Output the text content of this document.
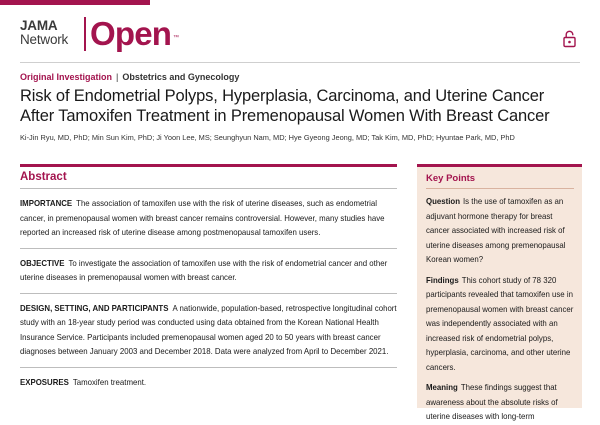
JAMA
Network Open ™
Original Investigation | Obstetrics and Gynecology
Risk of Endometrial Polyps, Hyperplasia, Carcinoma, and Uterine Cancer After Tamoxifen Treatment in Premenopausal Women With Breast Cancer
Ki-Jin Ryu, MD, PhD; Min Sun Kim, PhD; Ji Yoon Lee, MS; Seunghyun Nam, MD; Hye Gyeong Jeong, MD; Tak Kim, MD, PhD; Hyuntae Park, MD, PhD
Abstract
IMPORTANCE The association of tamoxifen use with the risk of uterine diseases, such as endometrial cancer, in premenopausal women with breast cancer remains controversial. However, many studies have reported an increased risk of uterine disease among postmenopausal tamoxifen users.
OBJECTIVE To investigate the association of tamoxifen use with the risk of endometrial cancer and other uterine diseases in premenopausal women with breast cancer.
DESIGN, SETTING, AND PARTICIPANTS A nationwide, population-based, retrospective longitudinal cohort study with an 18-year study period was conducted using data obtained from the Korean National Health Insurance Service. Participants included premenopausal women aged 20 to 50 years with breast cancer diagnoses between January 2003 and December 2018. Data were analyzed from April to December 2021.
EXPOSURES Tamoxifen treatment.
Key Points
Question Is the use of tamoxifen as an adjuvant hormone therapy for breast cancer associated with increased risk of uterine diseases among premenopausal Korean women?
Findings This cohort study of 78 320 participants revealed that tamoxifen use in premenopausal women with breast cancer was independently associated with an increased risk of endometrial polyps, hyperplasia, carcinoma, and other uterine cancers.
Meaning These findings suggest that awareness about the absolute risks of uterine diseases with long-term
